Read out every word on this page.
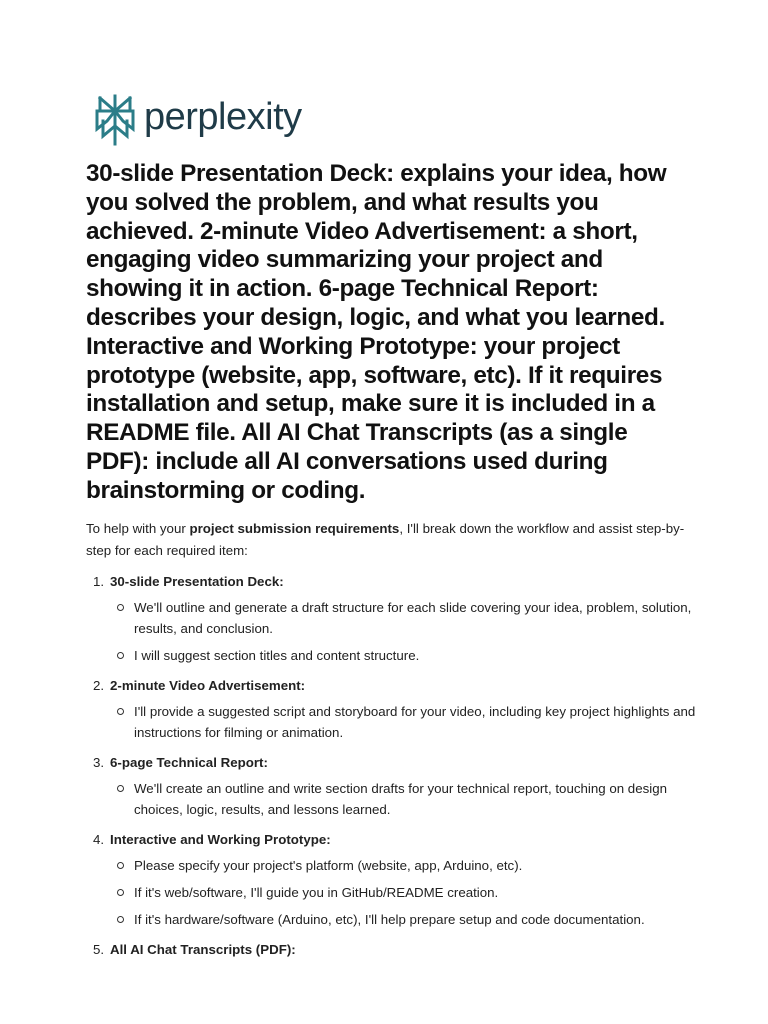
perplexity
30-slide Presentation Deck: explains your idea, how you solved the problem, and what results you achieved. 2-minute Video Advertisement: a short, engaging video summarizing your project and showing it in action. 6-page Technical Report: describes your design, logic, and what you learned. Interactive and Working Prototype: your project prototype (website, app, software, etc). If it requires installation and setup, make sure it is included in a README file. All AI Chat Transcripts (as a single PDF): include all AI conversations used during brainstorming or coding.

To help with your project submission requirements, I'll break down the workflow and assist step-by-step for each required item:

1. 30-slide Presentation Deck:
We'll outline and generate a draft structure for each slide covering your idea, problem, solution, results, and conclusion.
I will suggest section titles and content structure.
2. 2-minute Video Advertisement:
I'll provide a suggested script and storyboard for your video, including key project highlights and instructions for filming or animation.
3. 6-page Technical Report:
We'll create an outline and write section drafts for your technical report, touching on design choices, logic, results, and lessons learned.
4. Interactive and Working Prototype:
Please specify your project's platform (website, app, Arduino, etc).
If it's web/software, I'll guide you in GitHub/README creation.
If it's hardware/software (Arduino, etc), I'll help prepare setup and code documentation.
5. All AI Chat Transcripts (PDF):
